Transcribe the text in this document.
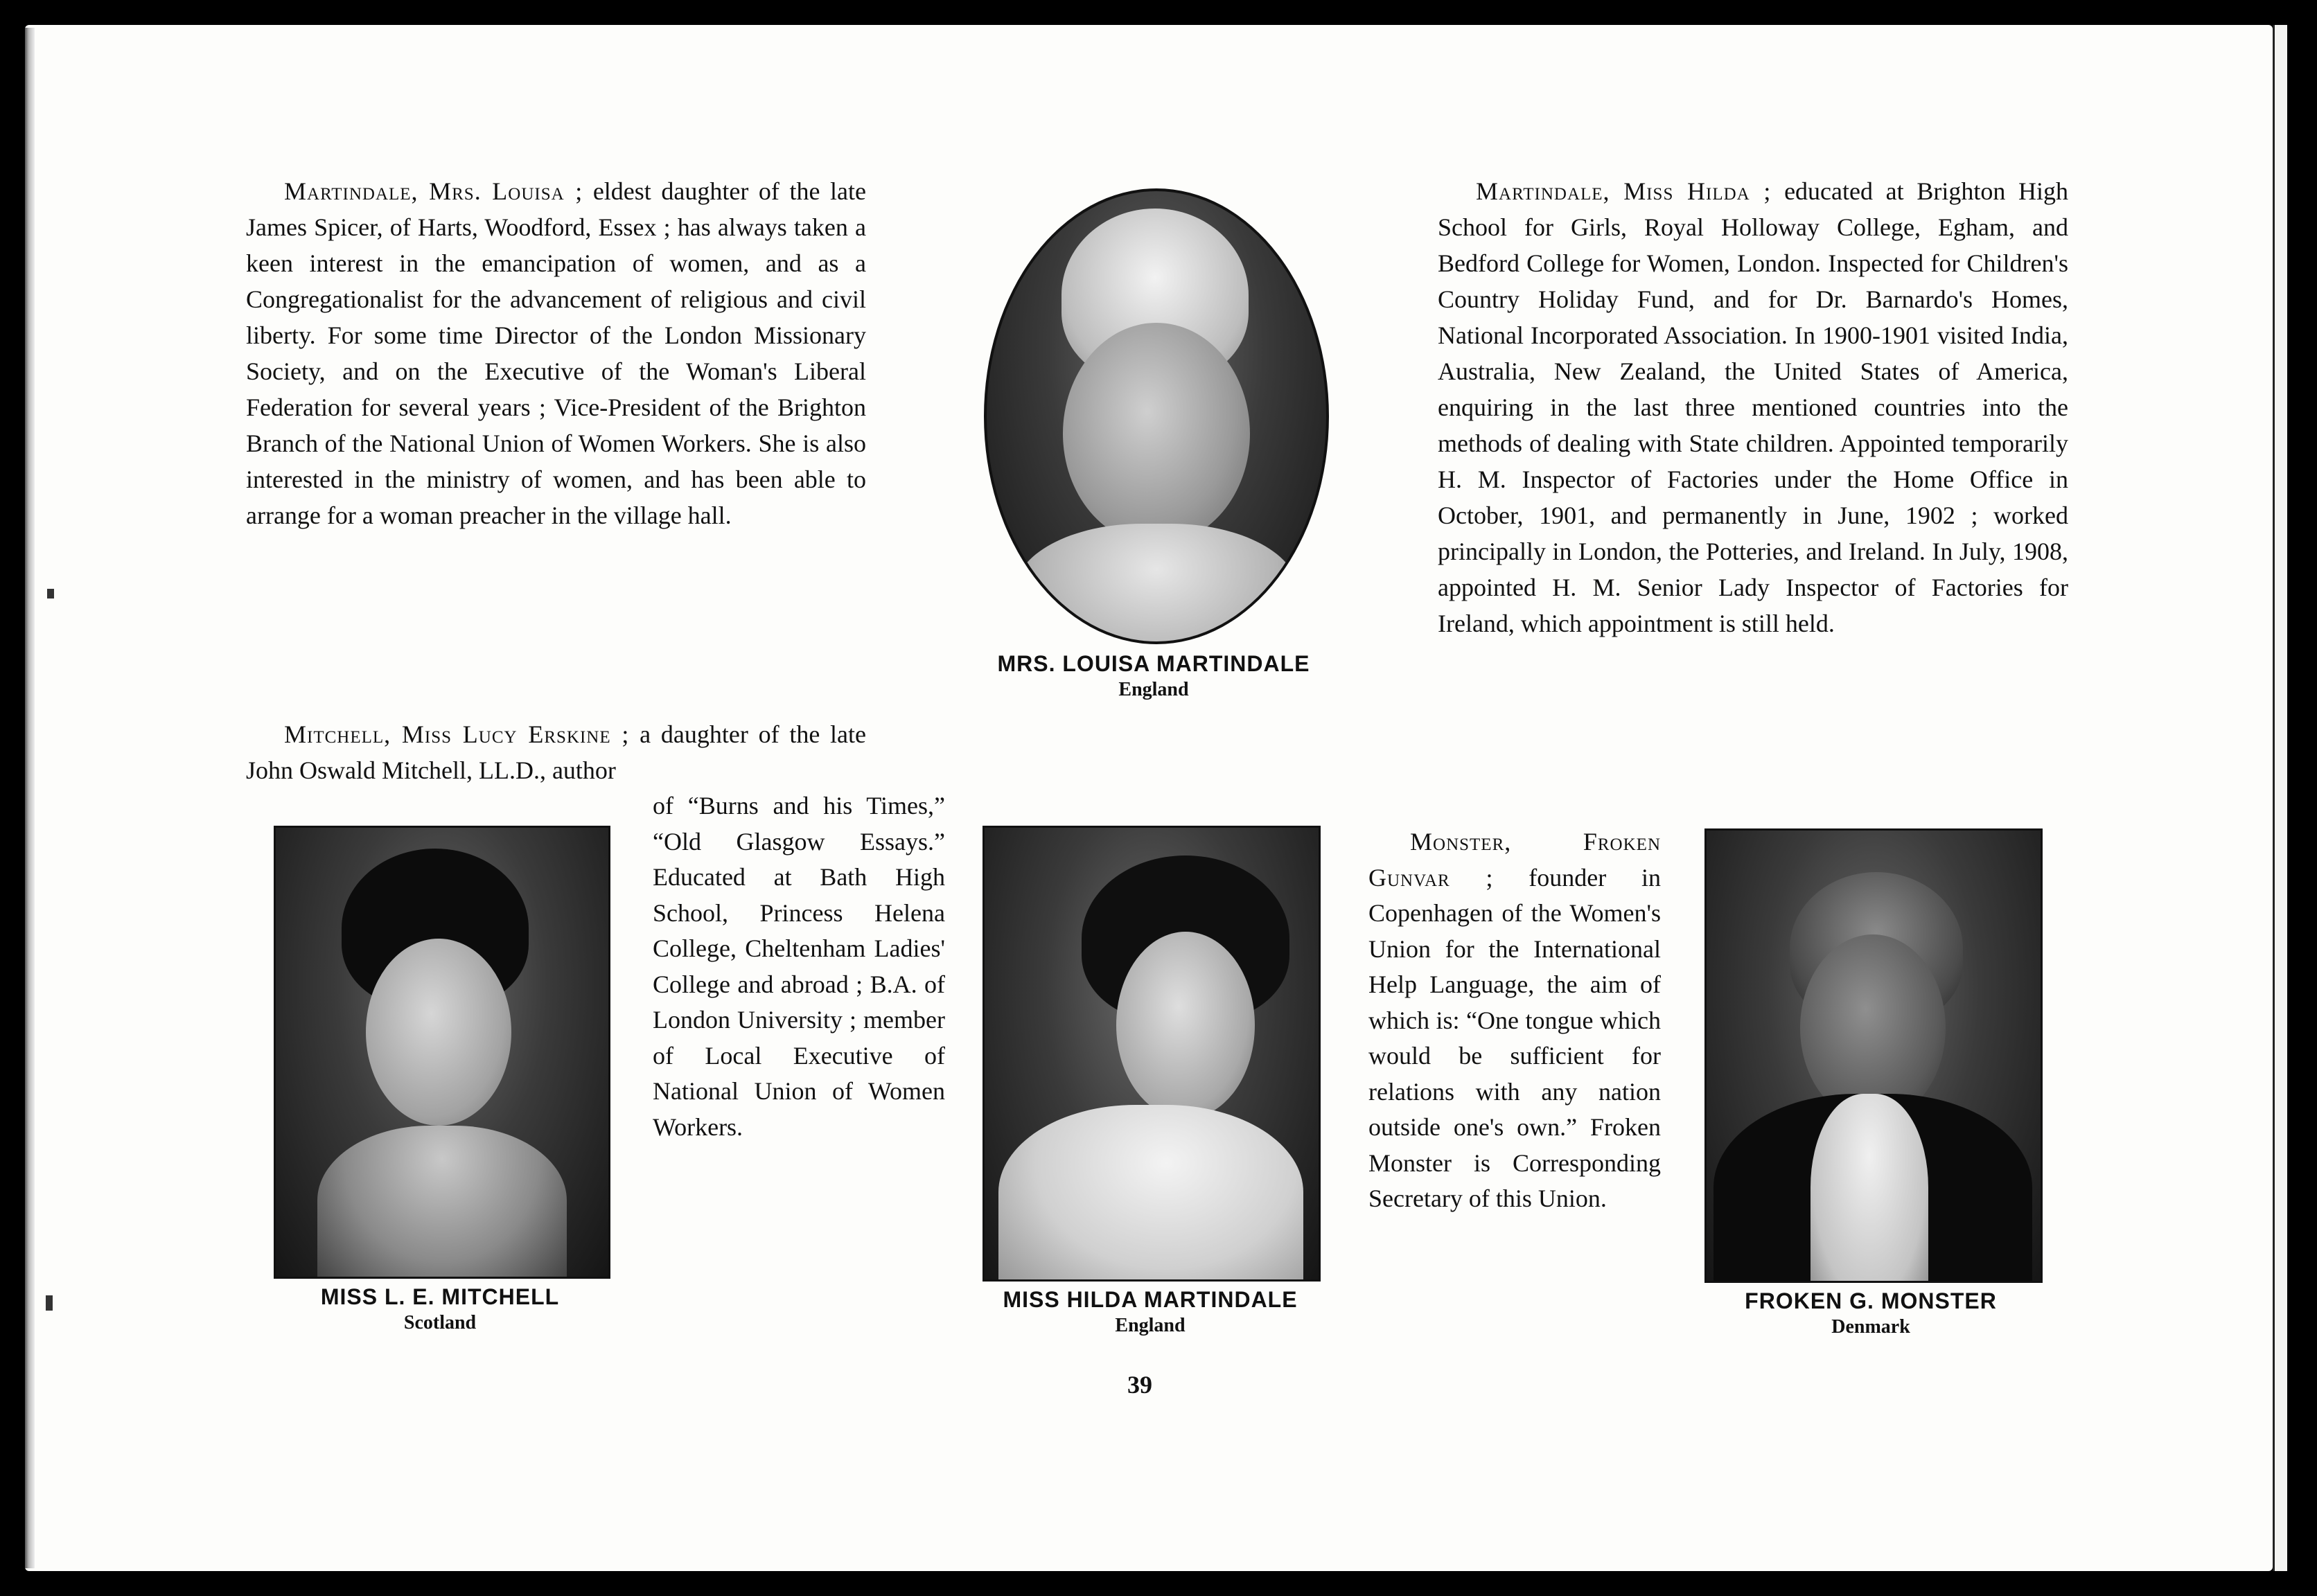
Martindale, Mrs. Louisa ; eldest daughter of the late James Spicer, of Harts, Woodford, Essex ; has always taken a keen interest in the emancipation of women, and as a Congregationalist for the advancement of religious and civil liberty. For some time Director of the London Missionary Society, and on the Executive of the Woman's Liberal Federation for several years ; Vice-President of the Brighton Branch of the National Union of Women Workers. She is also interested in the ministry of women, and has been able to arrange for a woman preacher in the village hall.
MRS. LOUISA MARTINDALE
England
Martindale, Miss Hilda ; educated at Brighton High School for Girls, Royal Holloway College, Egham, and Bedford College for Women, London. Inspected for Children's Country Holiday Fund, and for Dr. Barnardo's Homes, National Incorporated Association. In 1900-1901 visited India, Australia, New Zealand, the United States of America, enquiring in the last three mentioned countries into the methods of dealing with State children. Appointed temporarily H. M. Inspector of Factories under the Home Office in October, 1901, and permanently in June, 1902 ; worked principally in London, the Potteries, and Ireland. In July, 1908, appointed H. M. Senior Lady Inspector of Factories for Ireland, which appointment is still held.
Mitchell, Miss Lucy Erskine ; a daughter of the late John Oswald Mitchell, LL.D., author
of “Burns and his Times,” “Old Glasgow Essays.” Educated at Bath High School, Princess Helena College, Cheltenham Ladies' College and abroad ; B.A. of London University ; member of Local Executive of National Union of Women Workers.
MISS L. E. MITCHELL
Scotland
MISS HILDA MARTINDALE
England
Monster, Froken Gunvar ; founder in Copenhagen of the Women's Union for the International Help Language, the aim of which is: “One tongue which would be sufficient for relations with any nation outside one's own.” Froken Monster is Corresponding Secretary of this Union.
FROKEN G. MONSTER
Denmark
39
